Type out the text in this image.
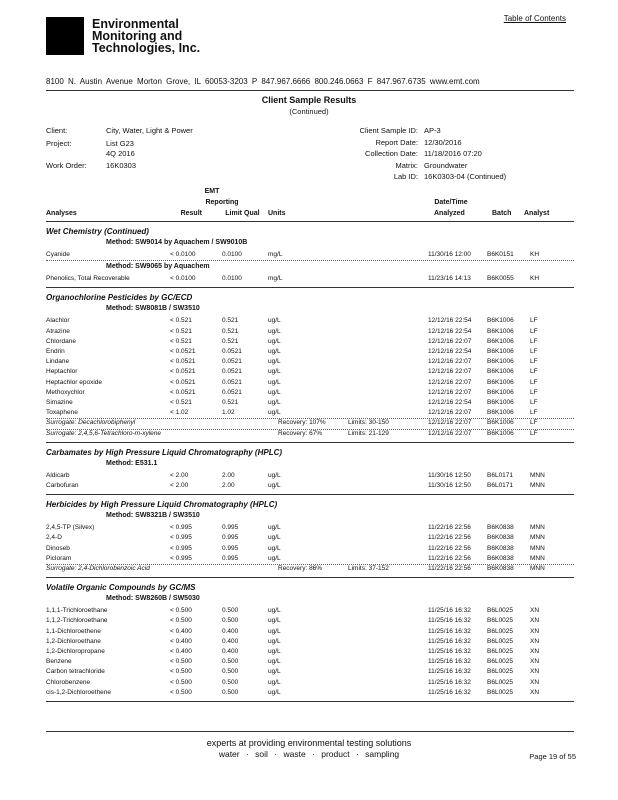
Environmental
Monitoring and
Technologies, Inc.
Table of Contents
8100 N. Austin Avenue Morton Grove, IL 60053-3203 P 847.967.6666 800.246.0663 F 847.967.6735 www.emt.com
Client Sample Results
(Continued)
Client:	City, Water, Light & Power
Project:	List G23
4Q 2016
Work Order:	16K0303
Client Sample ID: AP-3
Report Date: 12/30/2016
Collection Date: 11/18/2016 07:20
Matrix: Groundwater
Lab ID: 16K0303-04 (Continued)
EMT
Reporting	Date/Time
Analyses	Result	Limit Qual Units	Analyzed	Batch Analyst
Wet Chemistry (Continued)
Method: SW9014 by Aquachem / SW9010B
Cyanide	< 0.0100	0.0100	mg/L	11/30/16 12:00 B6K0151	KH
Method: SW9065 by Aquachem
Phenolics, Total Recoverable	< 0.0100	0.0100	mg/L	11/23/16 14:13 B6K0055	KH
Organochlorine Pesticides by GC/ECD
Method: SW8081B / SW3510
Alachlor	< 0.521	0.521	ug/L	12/12/16 22:54 B6K1006	LF
Atrazine	< 0.521	0.521	ug/L	12/12/16 22:54 B6K1006	LF
Chlordane	< 0.521	0.521	ug/L	12/12/16 22:07 B6K1006	LF
Endrin	< 0.0521	0.0521	ug/L	12/12/16 22:54 B6K1006	LF
Lindane	< 0.0521	0.0521	ug/L	12/12/16 22:07 B6K1006	LF
Heptachlor	< 0.0521	0.0521	ug/L	12/12/16 22:07 B6K1006	LF
Heptachlor epoxide	< 0.0521	0.0521	ug/L	12/12/16 22:07 B6K1006	LF
Methoxychlor	< 0.0521	0.0521	ug/L	12/12/16 22:07 B6K1006	LF
Simazine	< 0.521	0.521	ug/L	12/12/16 22:54 B6K1006	LF
Toxaphene	< 1.02	1.02	ug/L	12/12/16 22:07 B6K1006	LF
Surrogate: Decachlorobiphenyl	Recovery: 107%	Limits: 30-150	12/12/16 22:07 B6K1006	LF
Surrogate: 2,4,5,6-Tetrachloro-m-xylene	Recovery: 67%	Limits: 21-129	12/12/16 22:07 B6K1006	LF
Carbamates by High Pressure Liquid Chromatography (HPLC)
Method: E531.1
Aldicarb	< 2.00	2.00	ug/L	11/30/16 12:50 B6L0171	MNN
Carbofuran	< 2.00	2.00	ug/L	11/30/16 12:50 B6L0171	MNN
Herbicides by High Pressure Liquid Chromatography (HPLC)
Method: SW8321B / SW3510
2,4,5-TP (Silvex)	< 0.995	0.995	ug/L	11/22/16 22:56 B6K0838	MNN
2,4-D	< 0.995	0.995	ug/L	11/22/16 22:56 B6K0838	MNN
Dinoseb	< 0.995	0.995	ug/L	11/22/16 22:56 B6K0838	MNN
Picloram	< 0.995	0.995	ug/L	11/22/16 22:56 B6K0838	MNN
Surrogate: 2,4-Dichlorobenzoic Acid	Recovery: 86%	Limits: 37-152	11/22/16 22:56 B6K0838	MNN
Volatile Organic Compounds by GC/MS
Method: SW8260B / SW5030
1,1,1-Trichloroethane	< 0.500	0.500	ug/L	11/25/16 16:32 B6L0025	XN
1,1,2-Trichloroethane	< 0.500	0.500	ug/L	11/25/16 16:32 B6L0025	XN
1,1-Dichloroethene	< 0.400	0.400	ug/L	11/25/16 16:32 B6L0025	XN
1,2-Dichloroethane	< 0.400	0.400	ug/L	11/25/16 16:32 B6L0025	XN
1,2-Dichloropropane	< 0.400	0.400	ug/L	11/25/16 16:32 B6L0025	XN
Benzene	< 0.500	0.500	ug/L	11/25/16 16:32 B6L0025	XN
Carbon tetrachloride	< 0.500	0.500	ug/L	11/25/16 16:32 B6L0025	XN
Chlorobenzene	< 0.500	0.500	ug/L	11/25/16 16:32 B6L0025	XN
cis-1,2-Dichloroethene	< 0.500	0.500	ug/L	11/25/16 16:32 B6L0025	XN
experts at providing environmental testing solutions
water · soil · waste · product · sampling	Page 19 of 55
